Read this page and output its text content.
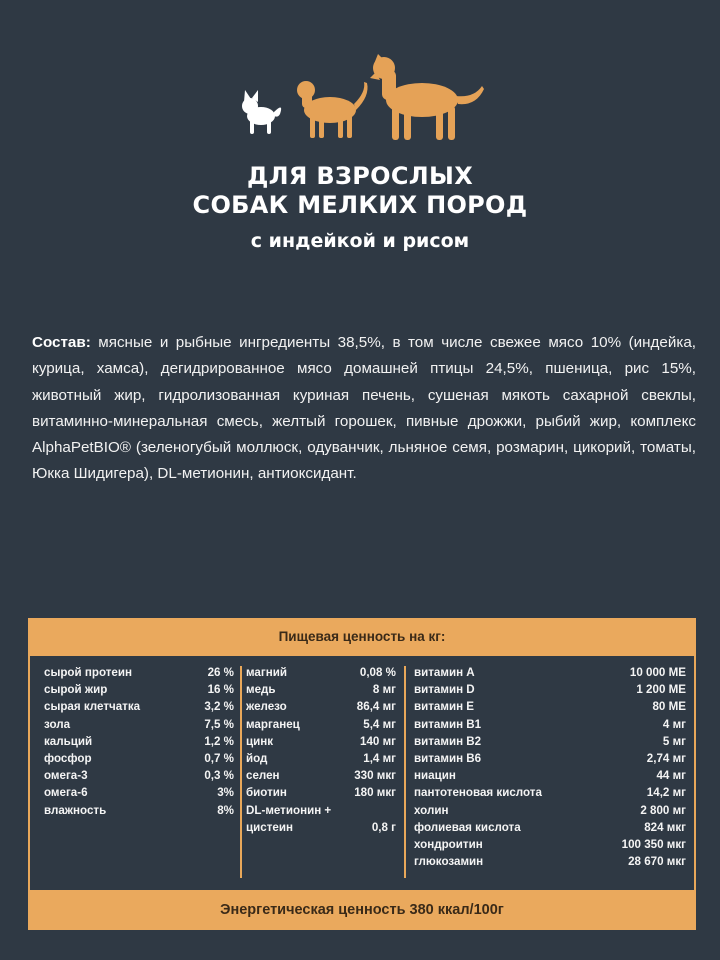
ДЛЯ ВЗРОСЛЫХ
СОБАК МЕЛКИХ ПОРОД
с индейкой и рисом
Состав: мясные и рыбные ингредиенты 38,5%, в том числе свежее мясо 10% (индейка, курица, хамса), дегидрированное мясо домашней птицы 24,5%, пшеница, рис 15%, животный жир, гидролизованная куриная печень, сушеная мякоть сахарной свеклы, витаминно-минеральная смесь, желтый горошек, пивные дрожжи, рыбий жир, комплекс AlphaPetBIO® (зеленогубый моллюск, одуванчик, льняное семя, розмарин, цикорий, томаты, Юкка Шидигера), DL-метионин, антиоксидант.
Пищевая ценность на кг:
сырой протеин	26 %
сырой жир	16 %
сырая клетчатка	3,2 %
зола	7,5 %
кальций	1,2 %
фосфор	0,7 %
омега-3	0,3 %
омега-6	3%
влажность	8%
магний	0,08 %
медь	8 мг
железо	86,4 мг
марганец	5,4 мг
цинк	140 мг
йод	1,4 мг
селен	330 мкг
биотин	180 мкг
DL-метионин +
цистеин	0,8 г
витамин А	10 000 МЕ
витамин D	1 200 МЕ
витамин Е	80 МЕ
витамин В1	4 мг
витамин В2	5 мг
витамин В6	2,74 мг
ниацин	44 мг
пантотеновая кислота	14,2 мг
холин	2 800 мг
фолиевая кислота	824 мкг
хондроитин	100 350 мкг
глюкозамин	28 670 мкг
Энергетическая ценность 380 ккал/100г
